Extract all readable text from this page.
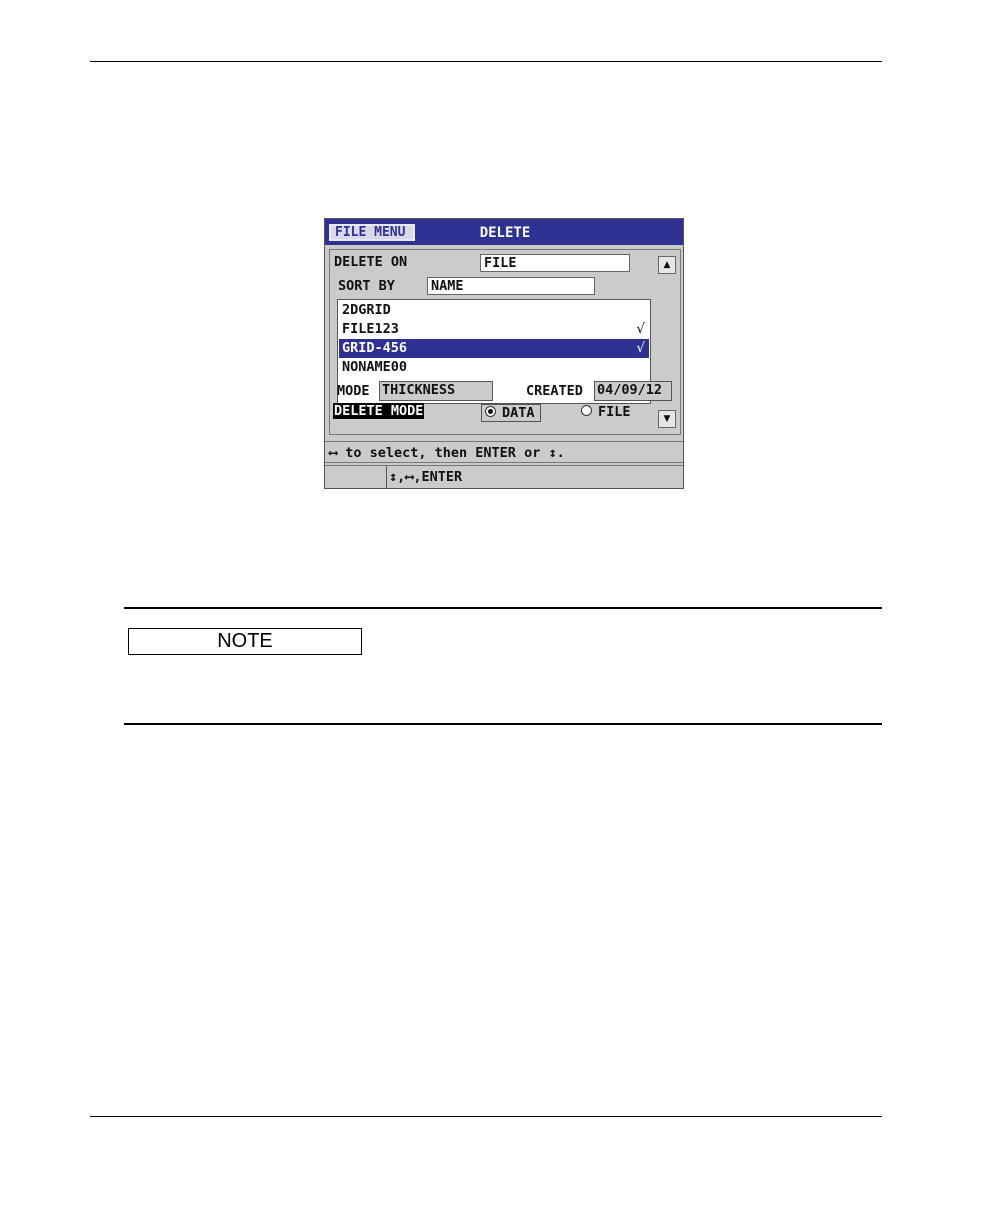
FILE MENU	DELETE
DELETE ON	FILE	▲
SORT BY	NAME
2DGRID
FILE123	√
GRID-456	√
NONAME00
MODE THICKNESS	CREATED 04/09/12
DELETE MODE	DATA	FILE	▼
⟷ to select, then ENTER or ↕.
↕,⟷,ENTER
NOTE
